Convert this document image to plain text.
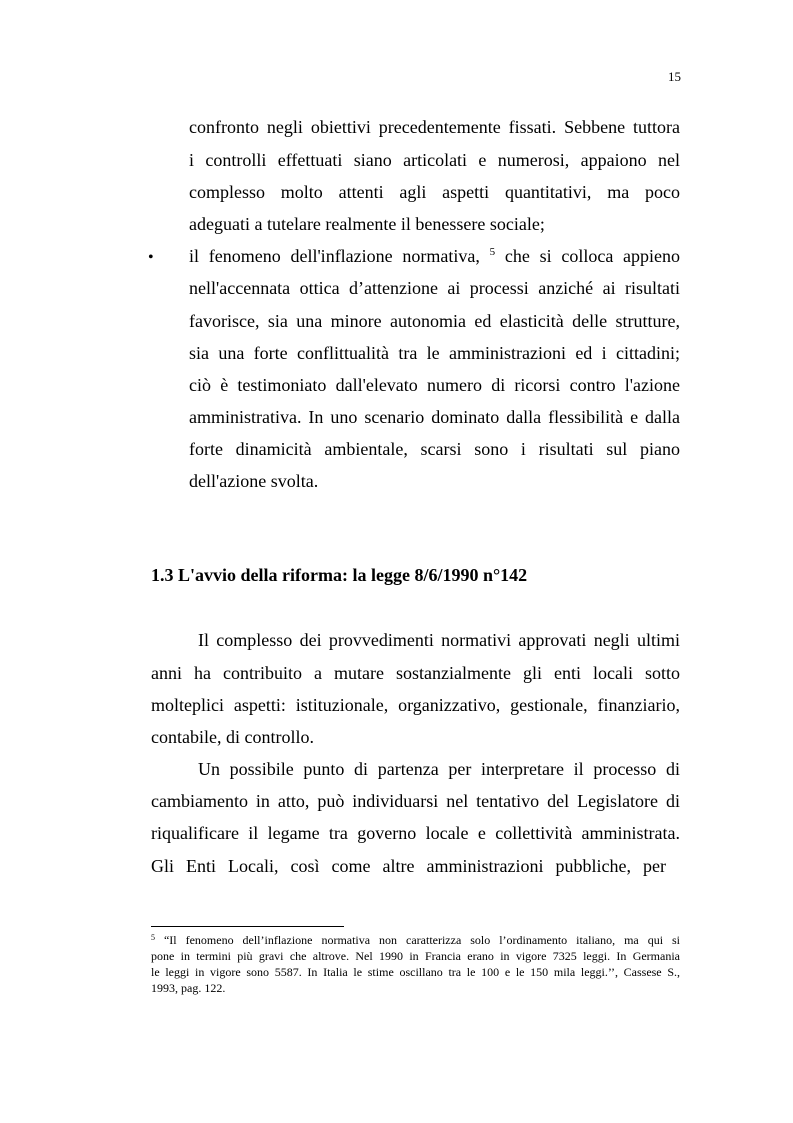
15
confronto negli obiettivi precedentemente fissati. Sebbene tuttora
i controlli effettuati siano articolati e numerosi, appaiono nel
complesso molto attenti agli aspetti quantitativi, ma poco
adeguati a tutelare realmente il benessere sociale;
• il fenomeno dell'inflazione normativa, $^5$ che si colloca appieno
nell'accennata ottica d’attenzione ai processi anziché ai risultati
favorisce, sia una minore autonomia ed elasticità delle strutture,
sia una forte conflittualità tra le amministrazioni ed i cittadini;
ciò è testimoniato dall'elevato numero di ricorsi contro l'azione
amministrativa. In uno scenario dominato dalla flessibilità e dalla
forte dinamicità ambientale, scarsi sono i risultati sul piano
dell'azione svolta.
1.3 L'avvio della riforma: la legge 8/6/1990 n°142
Il complesso dei provvedimenti normativi approvati negli ultimi
anni ha contribuito a mutare sostanzialmente gli enti locali sotto
molteplici aspetti: istituzionale, organizzativo, gestionale, finanziario,
contabile, di controllo.
Un possibile punto di partenza per interpretare il processo di
cambiamento in atto, può individuarsi nel tentativo del Legislatore di
riqualificare il legame tra governo locale e collettività amministrata.
Gli Enti Locali, così come altre amministrazioni pubbliche, per
$^5$ “Il fenomeno dell’inflazione normativa non caratterizza solo l’ordinamento italiano, ma qui si
pone in termini più gravi che altrove. Nel 1990 in Francia erano in vigore 7325 leggi. In Germania
le leggi in vigore sono 5587. In Italia le stime oscillano tra le 100 e le 150 mila leggi.’’, Cassese S.,
1993, pag. 122.
